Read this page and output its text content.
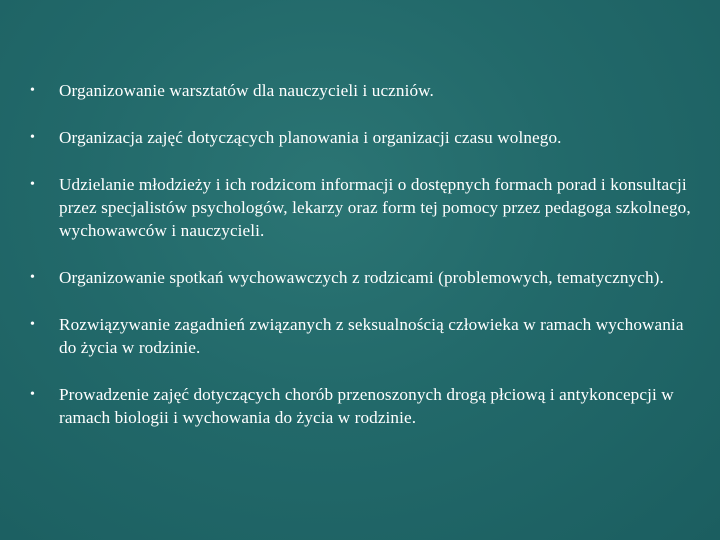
•	Organizowanie warsztatów dla nauczycieli i uczniów.
•	Organizacja zajęć dotyczących planowania i organizacji czasu wolnego.
•	Udzielanie młodzieży i ich rodzicom informacji o dostępnych formach porad i konsultacji przez specjalistów psychologów, lekarzy oraz form tej pomocy przez pedagoga szkolnego, wychowawców i nauczycieli.
•	Organizowanie spotkań wychowawczych z rodzicami (problemowych, tematycznych).
•	Rozwiązywanie zagadnień związanych z seksualnością człowieka w ramach wychowania do życia w rodzinie.
•	Prowadzenie zajęć dotyczących chorób przenoszonych drogą płciową i antykoncepcji w ramach biologii i wychowania do życia w rodzinie.
